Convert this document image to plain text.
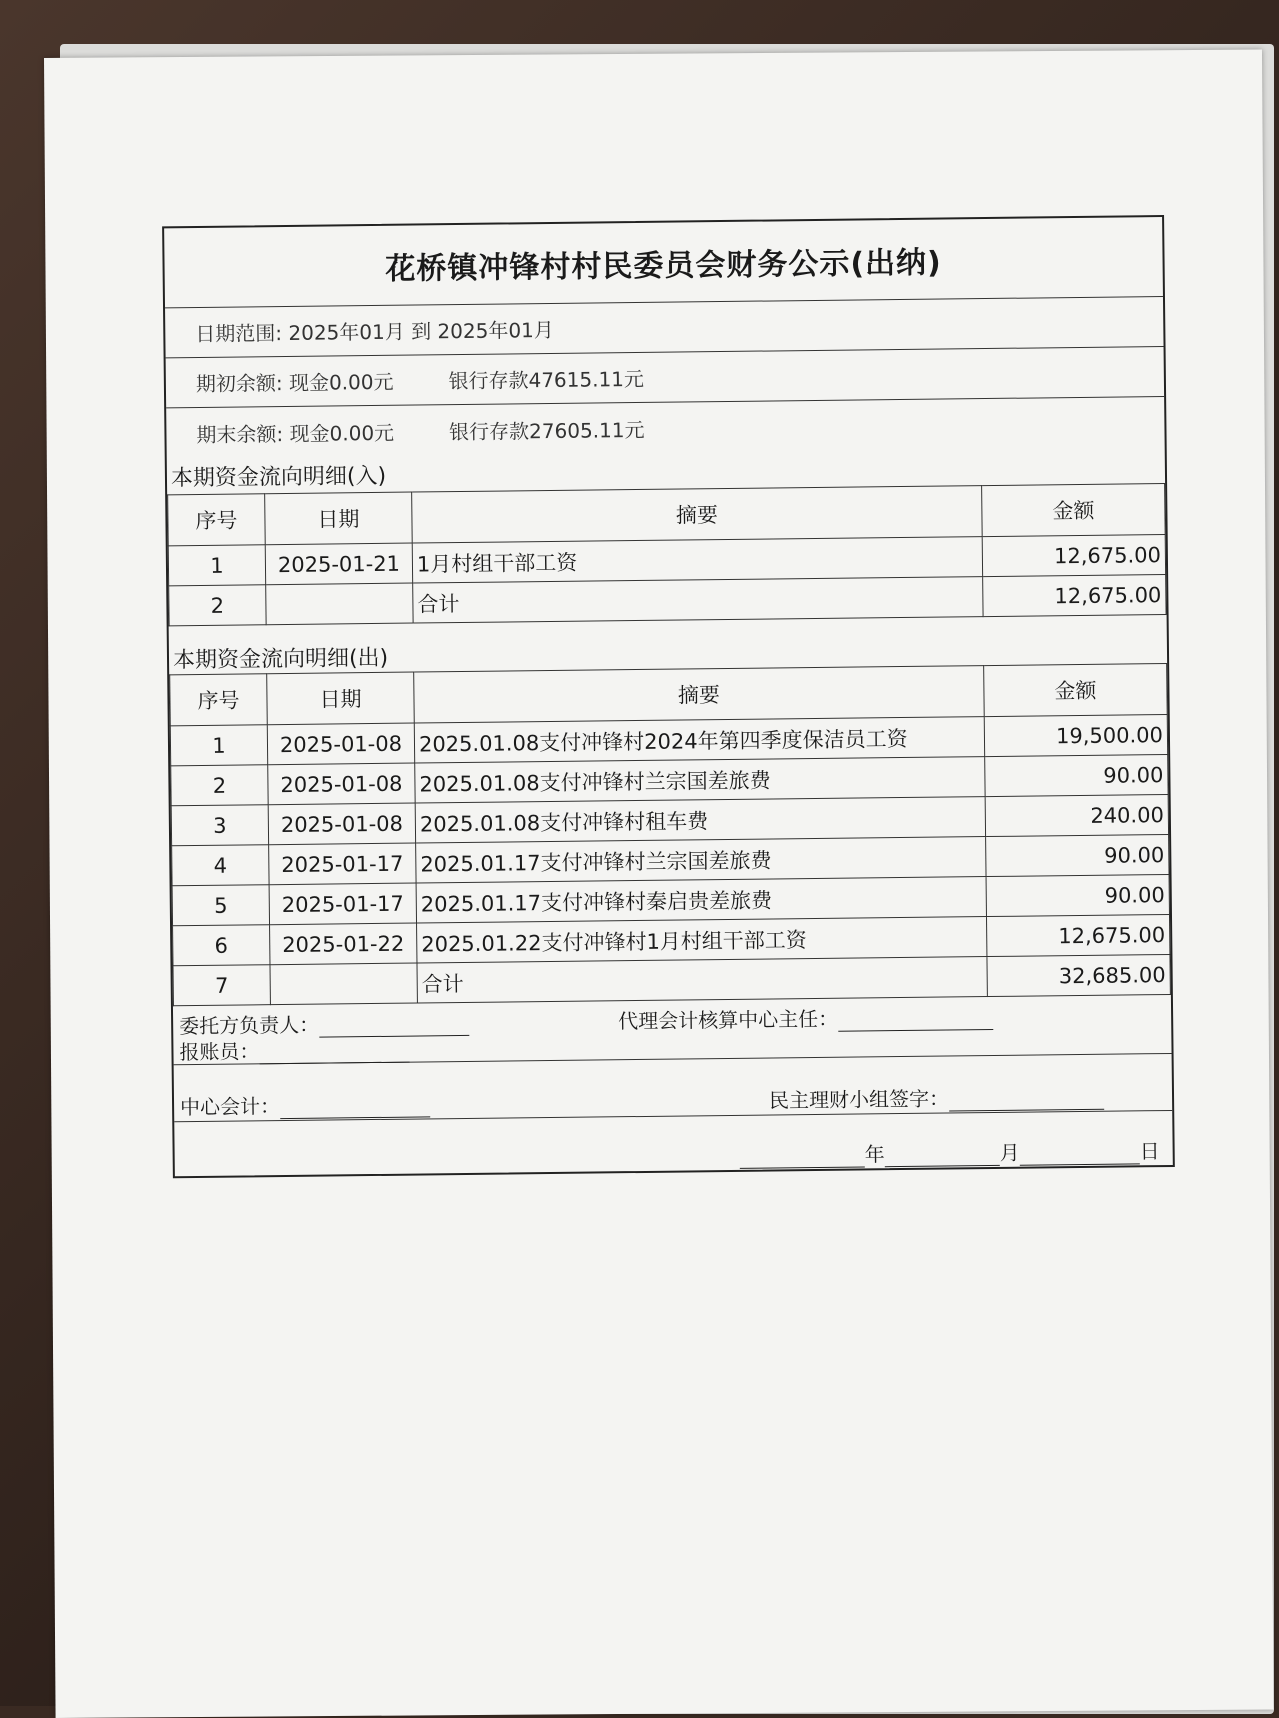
花桥镇冲锋村村民委员会财务公示(出纳)
日期范围: 2025年01月 到 2025年01月
期初余额: 现金0.00元	银行存款47615.11元
期末余额: 现金0.00元	银行存款27605.11元
本期资金流向明细(入)
序号	日期	摘要	金额
1	2025-01-21	1月村组干部工资	12,675.00
2		合计	12,675.00
本期资金流向明细(出)
序号	日期	摘要	金额
1	2025-01-08	2025.01.08支付冲锋村2024年第四季度保洁员工资	19,500.00
2	2025-01-08	2025.01.08支付冲锋村兰宗国差旅费	90.00
3	2025-01-08	2025.01.08支付冲锋村租车费	240.00
4	2025-01-17	2025.01.17支付冲锋村兰宗国差旅费	90.00
5	2025-01-17	2025.01.17支付冲锋村秦启贵差旅费	90.00
6	2025-01-22	2025.01.22支付冲锋村1月村组干部工资	12,675.00
7		合计	32,685.00
委托方负责人：	代理会计核算中心主任：
报账员：
中心会计：	民主理财小组签字：
年	月	日
